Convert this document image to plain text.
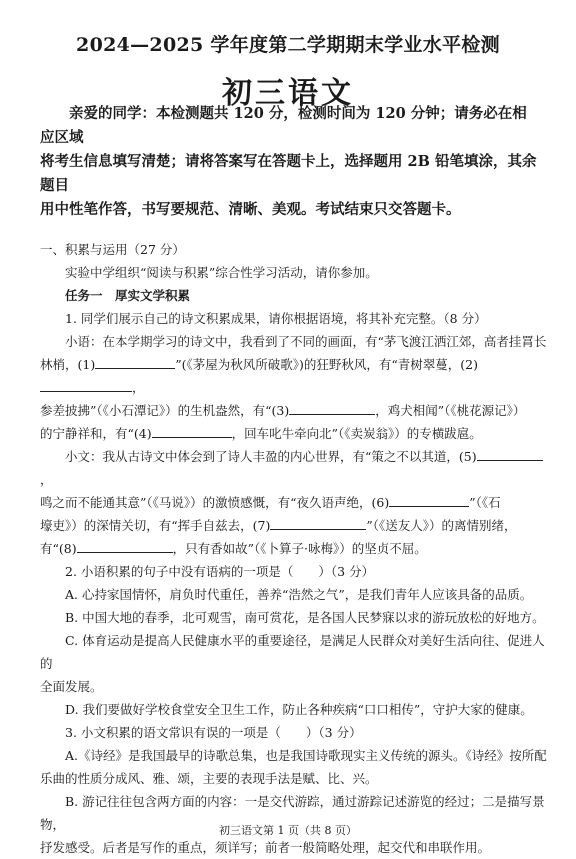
2024—2025 学年度第二学期期末学业水平检测
初三语文

亲爱的同学：本检测题共 120 分，检测时间为 120 分钟；请务必在相应区域

将考生信息填写清楚；请将答案写在答题卡上，选择题用 2B 铅笔填涂，其余题目

用中性笔作答，书写要规范、清晰、美观。考试结束只交答题卡。

一、积累与运用（27 分）

实验中学组织“阅读与积累”综合性学习活动，请你参加。

任务一　厚实文学积累

1. 同学们展示自己的诗文积累成果，请你根据语境，将其补充完整。（8 分）

小语：在本学期学习的诗文中，我看到了不同的画面，有“茅飞渡江洒江郊，高者挂罥长

林梢，(1)	”(《茅屋为秋风所破歌》)的狂野秋风，有“青树翠蔓，(2)，

参差披拂”（《小石潭记》）的生机盎然，有“(3)	，鸡犬相闻”（《桃花源记》）

的宁静祥和，有“(4)	，回车叱牛牵向北”（《卖炭翁》）的专横跋扈。

小文：我从古诗文中体会到了诗人丰盈的内心世界，有“策之不以其道，(5)，

鸣之而不能通其意”（《马说》）的激愤感慨，有“夜久语声绝，(6)	”（《石

壕吏》）的深情关切，有“挥手自兹去，(7)	”（《送友人》）的离情别绪，

有“(8)	，只有香如故”（《卜算子·咏梅》）的坚贞不屈。

2. 小语积累的句子中没有语病的一项是（　　）（3 分）

A. 心持家国情怀，肩负时代重任，善养“浩然之气”，是我们青年人应该具备的品质。

B. 中国大地的春季，北可观雪，南可赏花，是各国人民梦寐以求的游玩放松的好地方。

C. 体育运动是提高人民健康水平的重要途径，是满足人民群众对美好生活向往、促进人的

全面发展。

D. 我们要做好学校食堂安全卫生工作，防止各种疾病“口口相传”，守护大家的健康。

3. 小文积累的语文常识有误的一项是（　　）（3 分）

A.《诗经》是我国最早的诗歌总集，也是我国诗歌现实主义传统的源头。《诗经》按所配

乐曲的性质分成风、雅、颂，主要的表现手法是赋、比、兴。

B. 游记往往包含两方面的内容：一是交代游踪，通过游踪记述游览的经过；二是描写景物，

抒发感受。后者是写作的重点，须详写；前者一般简略处理，起交代和串联作用。

初三语文第 1 页（共 8 页）
